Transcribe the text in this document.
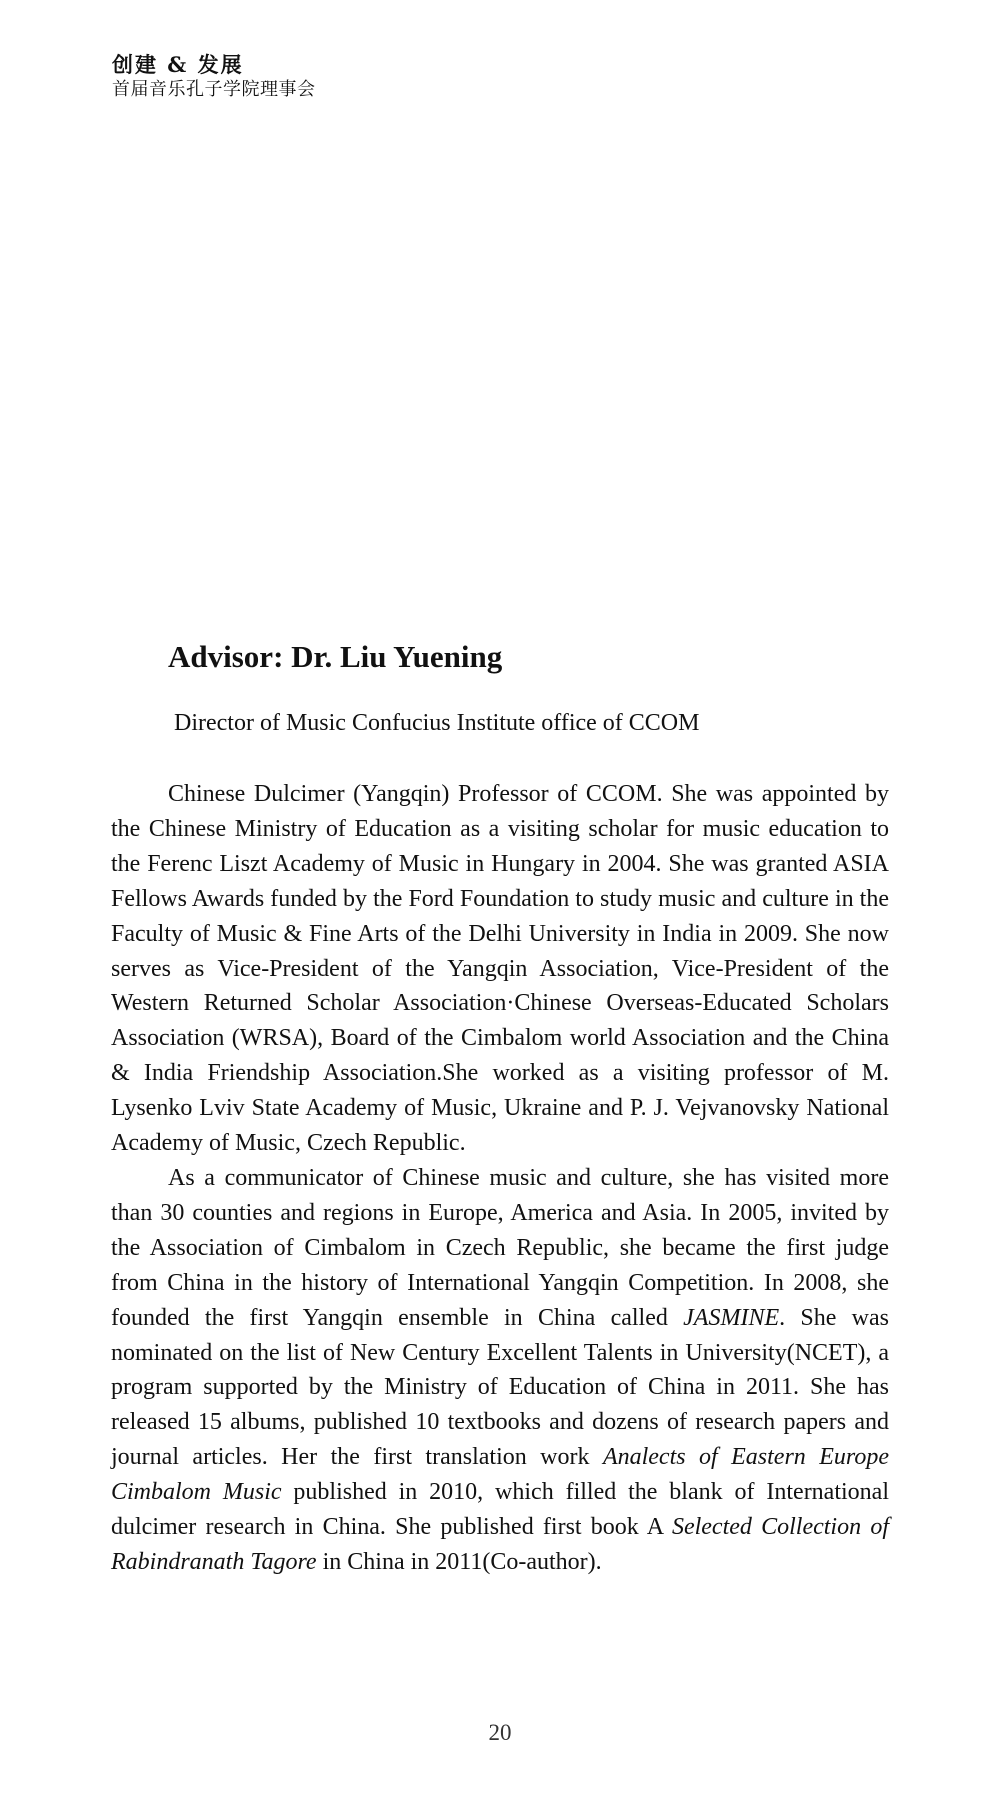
创建 & 发展
首届音乐孔子学院理事会
Advisor: Dr. Liu Yuening

Director of Music Confucius Institute office of CCOM

Chinese Dulcimer (Yangqin) Professor of CCOM. She was appointed by the Chinese Ministry of Education as a visiting scholar for music education to the Ferenc Liszt Academy of Music in Hungary in 2004. She was granted ASIA Fellows Awards funded by the Ford Foundation to study music and culture in the Faculty of Music & Fine Arts of the Delhi University in India in 2009. She now serves as Vice-President of the Yangqin Association, Vice-President of the Western Returned Scholar Association·Chinese Overseas-Educated Scholars Association (WRSA), Board of the Cimbalom world Association and the China & India Friendship Association.She worked as a visiting professor of M. Lysenko Lviv State Academy of Music, Ukraine and P. J. Vejvanovsky National Academy of Music, Czech Republic.

As a communicator of Chinese music and culture, she has visited more than 30 counties and regions in Europe, America and Asia. In 2005, invited by the Association of Cimbalom in Czech Republic, she became the first judge from China in the history of International Yangqin Competition. In 2008, she founded the first Yangqin ensemble in China called JASMINE. She was nominated on the list of New Century Excellent Talents in University(NCET), a program supported by the Ministry of Education of China in 2011. She has released 15 albums, published 10 textbooks and dozens of research papers and journal articles. Her the first translation work Analects of Eastern Europe Cimbalom Music published in 2010, which filled the blank of International dulcimer research in China. She published first book A Selected Collection of Rabindranath Tagore in China in 2011(Co-author).

20
